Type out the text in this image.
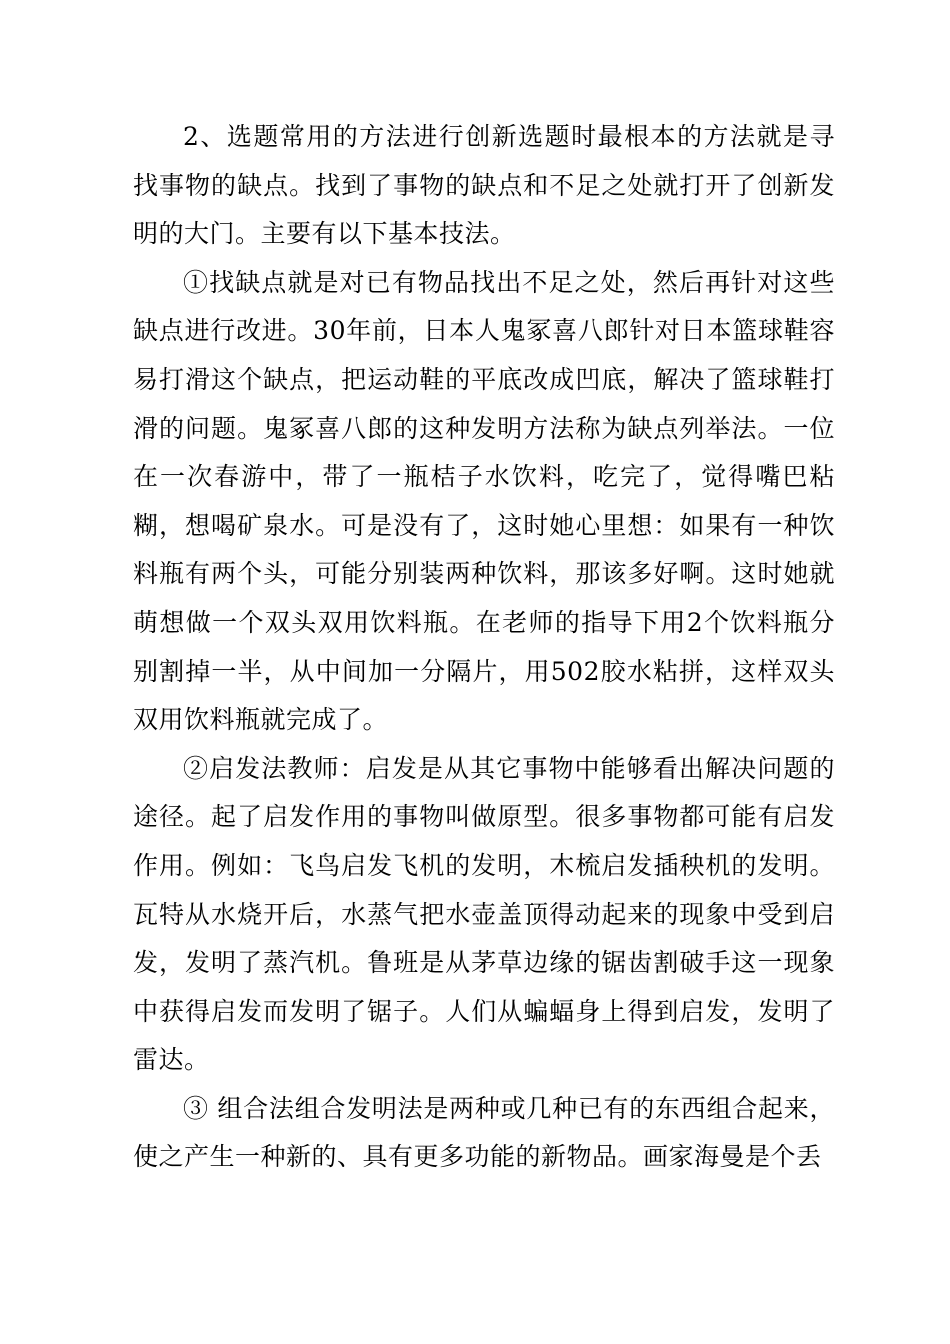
2、选题常用的方法进行创新选题时最根本的方法就是寻找事物的缺点。找到了事物的缺点和不足之处就打开了创新发明的大门。主要有以下基本技法。

①找缺点就是对已有物品找出不足之处，然后再针对这些缺点进行改进。30年前，日本人鬼冢喜八郎针对日本篮球鞋容易打滑这个缺点，把运动鞋的平底改成凹底，解决了篮球鞋打滑的问题。鬼冢喜八郎的这种发明方法称为缺点列举法。一位在一次春游中，带了一瓶桔子水饮料，吃完了，觉得嘴巴粘糊，想喝矿泉水。可是没有了，这时她心里想：如果有一种饮料瓶有两个头，可能分别装两种饮料，那该多好啊。这时她就萌想做一个双头双用饮料瓶。在老师的指导下用2个饮料瓶分别割掉一半，从中间加一分隔片，用502胶水粘拼，这样双头双用饮料瓶就完成了。

②启发法教师：启发是从其它事物中能够看出解决问题的途径。起了启发作用的事物叫做原型。很多事物都可能有启发作用。例如：飞鸟启发飞机的发明，木梳启发插秧机的发明。瓦特从水烧开后，水蒸气把水壶盖顶得动起来的现象中受到启发，发明了蒸汽机。鲁班是从茅草边缘的锯齿割破手这一现象中获得启发而发明了锯子。人们从蝙蝠身上得到启发，发明了雷达。

③ 组合法组合发明法是两种或几种已有的东西组合起来，使之产生一种新的、具有更多功能的新物品。画家海曼是个丢
